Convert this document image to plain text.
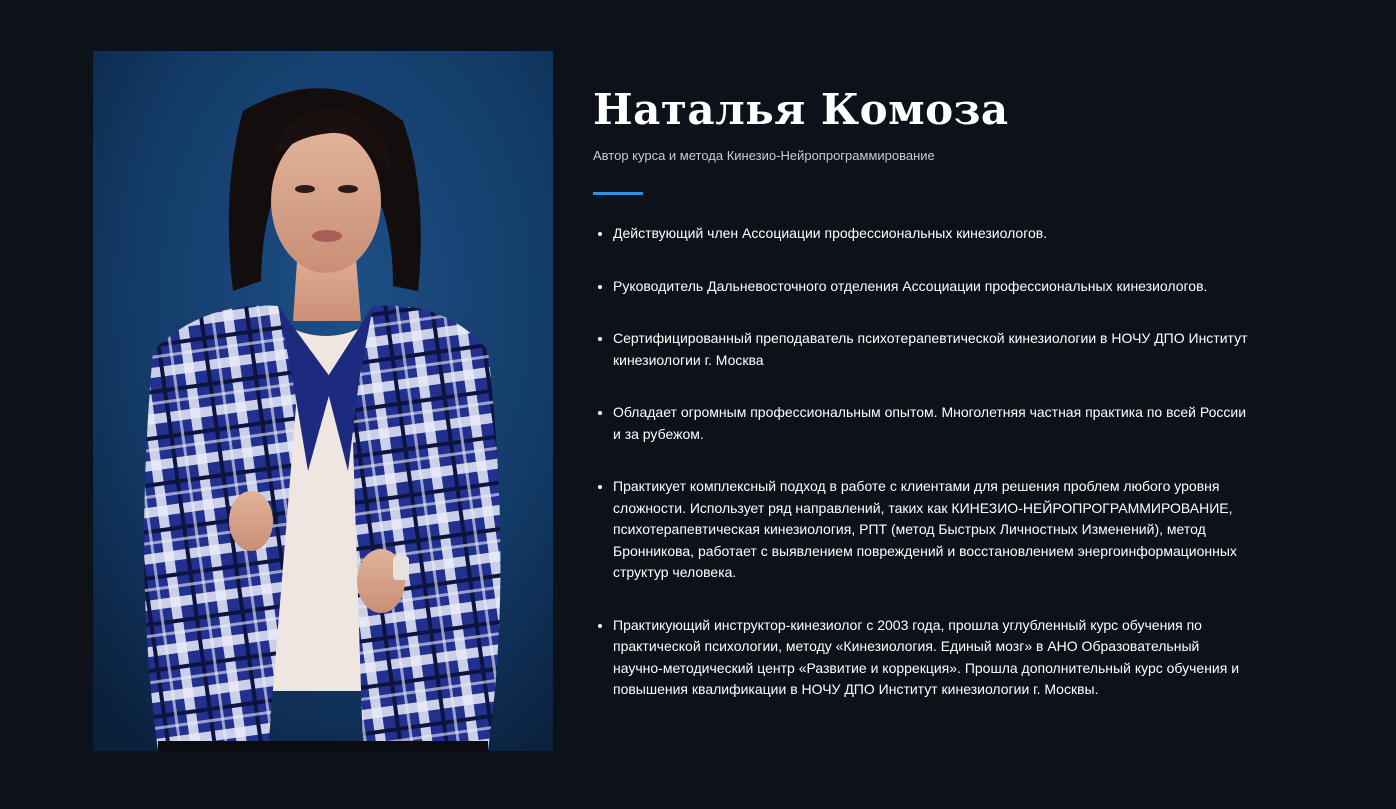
Наталья Комоза

Автор курса и метода Кинезио-Нейропрограммирование

Действующий член Ассоциации профессиональных кинезиологов.
Руководитель Дальневосточного отделения Ассоциации профессиональных кинезиологов.
Сертифицированный преподаватель психотерапевтической кинезиологии в НОЧУ ДПО Институт кинезиологии г. Москва
Обладает огромным профессиональным опытом. Многолетняя частная практика по всей России и за рубежом.
Практикует комплексный подход в работе с клиентами для решения проблем любого уровня сложности. Использует ряд направлений, таких как КИНЕЗИО-НЕЙРОПРОГРАММИРОВАНИЕ, психотерапевтическая кинезиология, РПТ (метод Быстрых Личностных Изменений), метод Бронникова, работает с выявлением повреждений и восстановлением энергоинформационных структур человека.
Практикующий инструктор-кинезиолог с 2003 года, прошла углубленный курс обучения по практической психологии, методу «Кинезиология. Единый мозг» в АНО Образовательный научно-методический центр «Развитие и коррекция». Прошла дополнительный курс обучения и повышения квалификации в НОЧУ ДПО Институт кинезиологии г. Москвы.
